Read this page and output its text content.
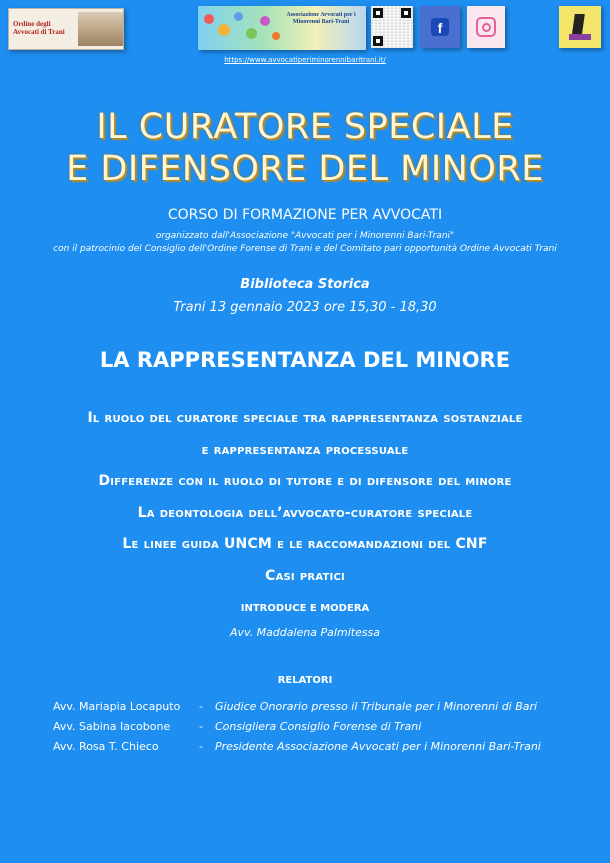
Ordine degli Avvocati di Trani
Associazione Avvocati per i Minorenni Bari-Trani	f
https://www.avvocatiperiminorennibaritrani.it/
IL CURATORE SPECIALE
E DIFENSORE DEL MINORE
CORSO DI FORMAZIONE PER AVVOCATI
organizzato dall'Associazione "Avvocati per i Minorenni Bari-Trani"
con il patrocinio del Consiglio dell'Ordine Forense di Trani e del Comitato pari opportunità Ordine Avvocati Trani
Biblioteca Storica
Trani 13 gennaio 2023 ore 15,30 - 18,30
LA RAPPRESENTANZA DEL MINORE
Il ruolo del curatore speciale tra rappresentanza sostanziale
e rappresentanza processuale
Differenze con il ruolo di tutore e di difensore del minore
La deontologia dell’avvocato-curatore speciale
Le linee guida UNCM e le raccomandazioni del CNF
Casi pratici
INTRODUCE E MODERA
Avv. Maddalena Palmitessa
RELATORI
Avv. Mariapia Locaputo	-	Giudice Onorario presso il Tribunale per i Minorenni di Bari
Avv. Sabina Iacobone	-	Consigliera Consiglio Forense di Trani
Avv. Rosa T. Chieco	-	Presidente Associazione Avvocati per i Minorenni Bari-Trani
